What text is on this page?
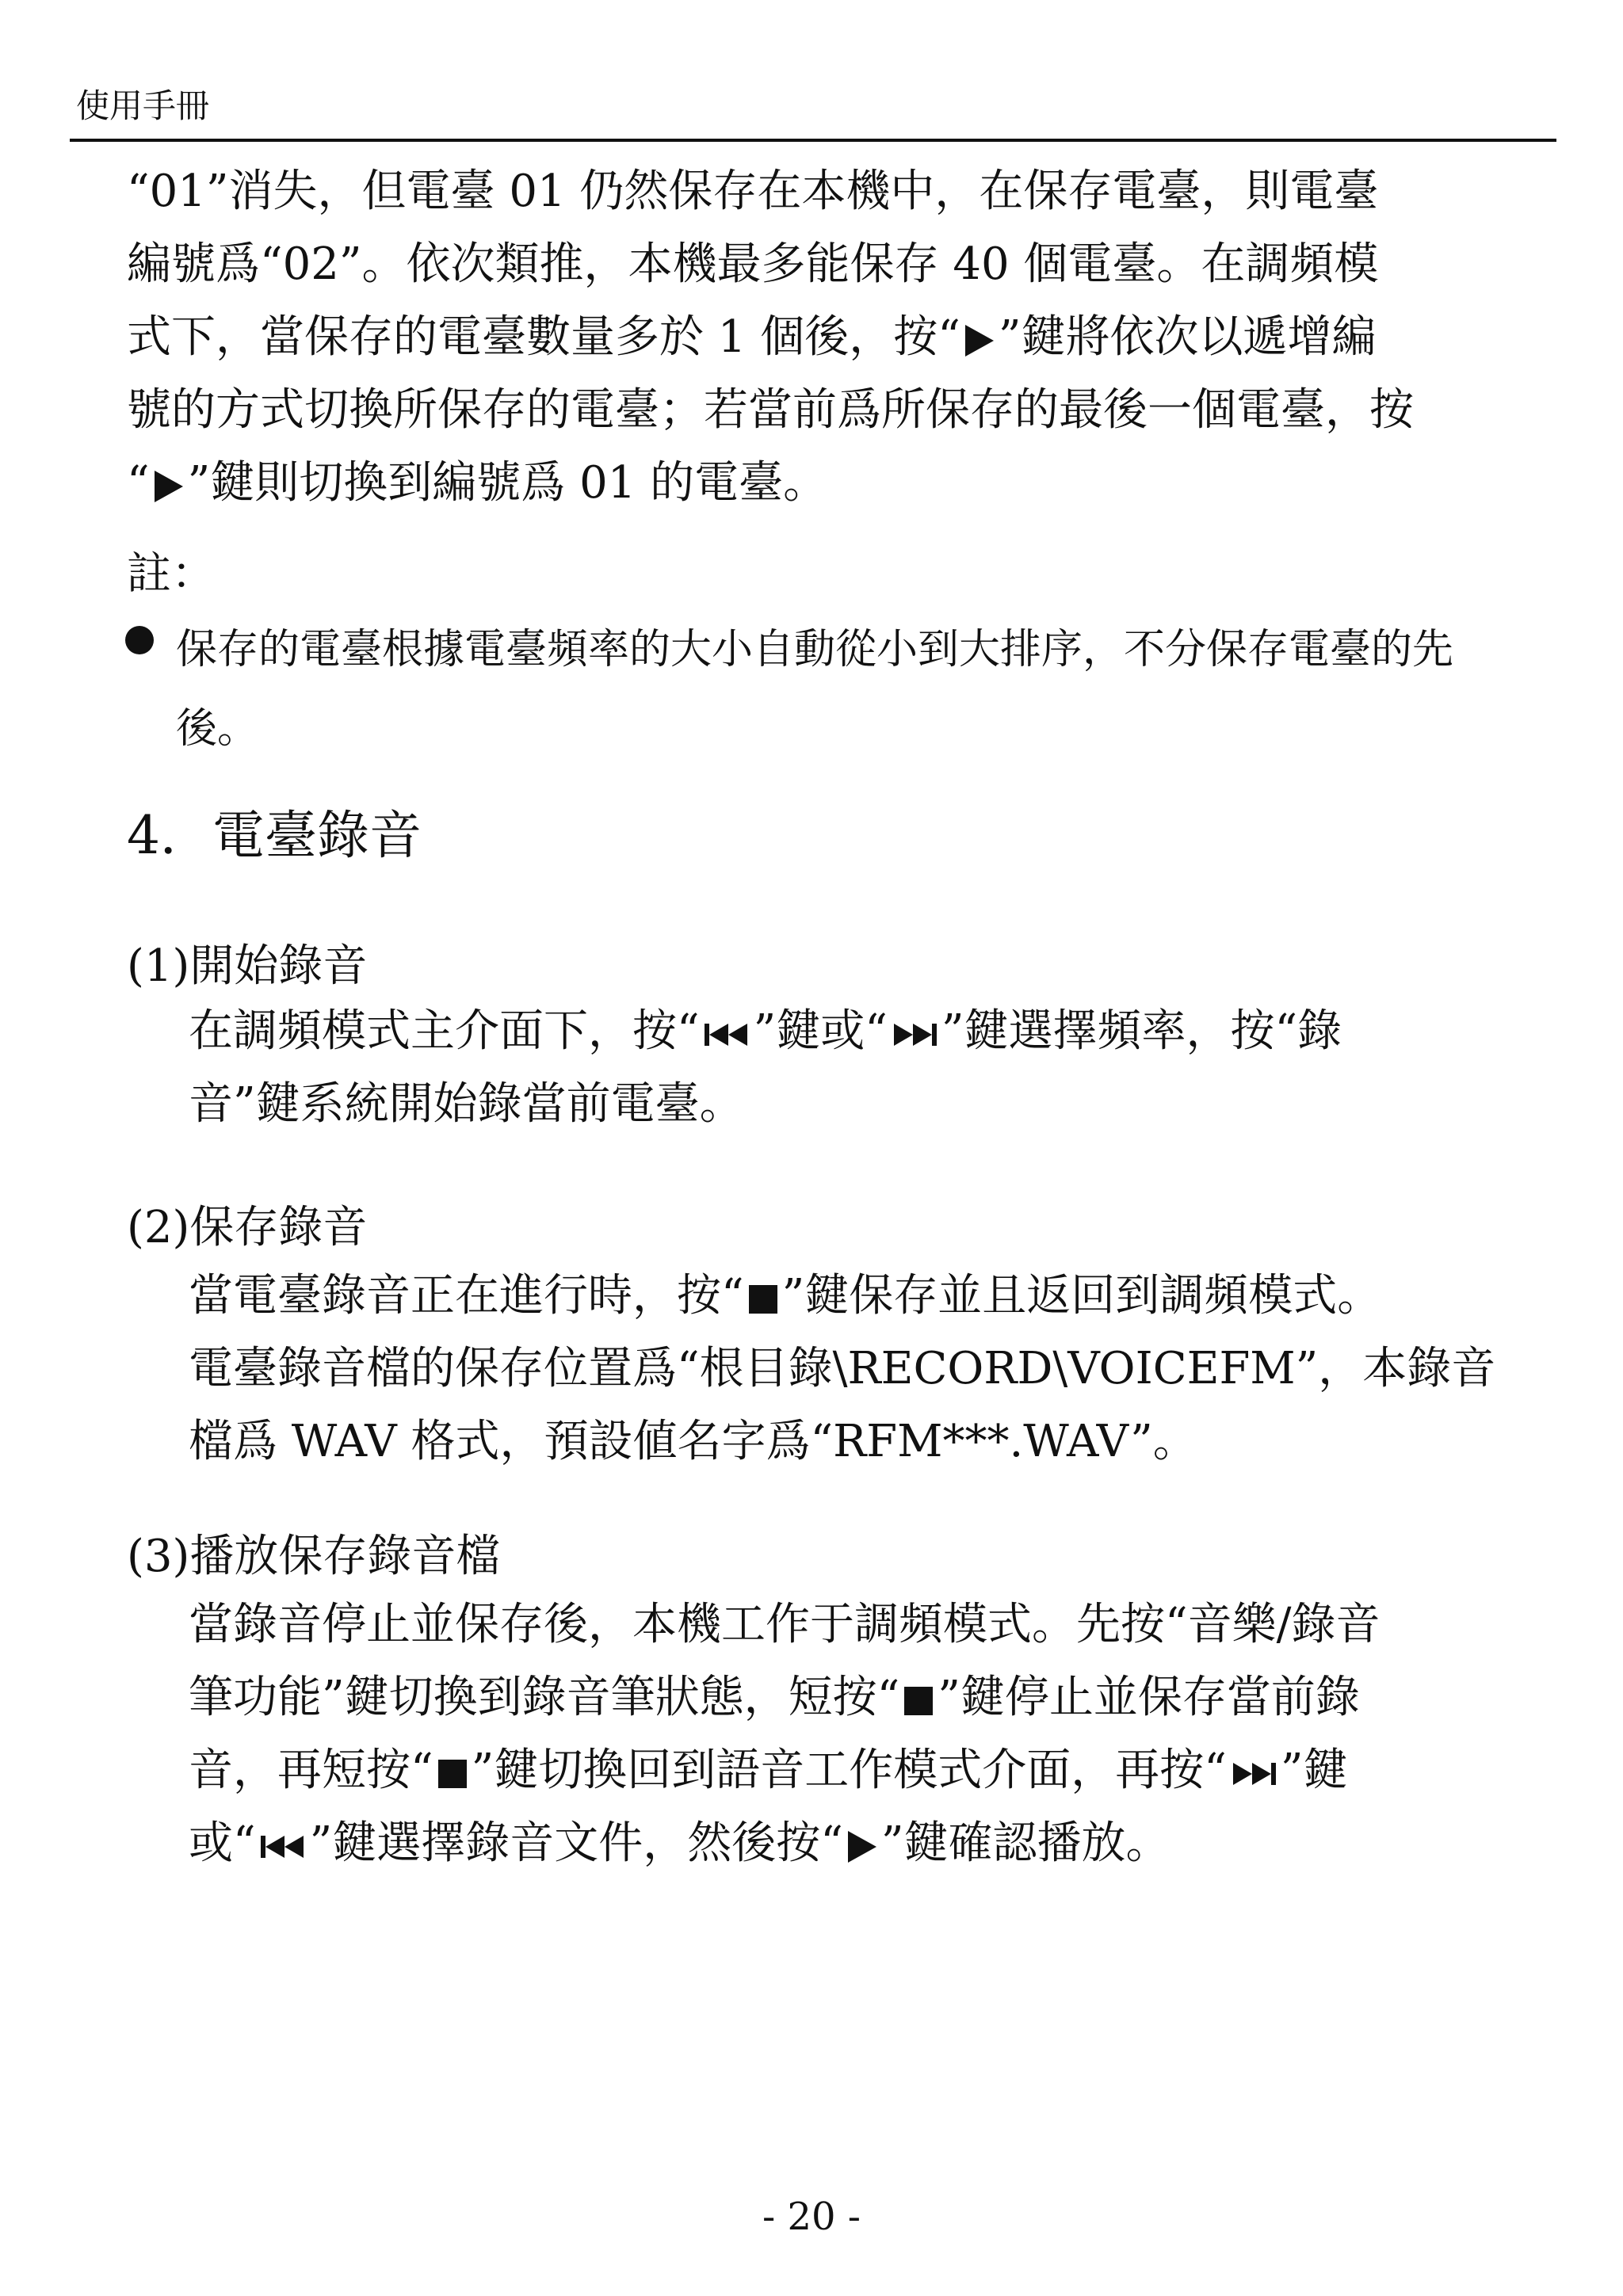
使用手冊
“01”消失，但電臺 01 仍然保存在本機中，在保存電臺，則電臺
編號爲“02”。依次類推，本機最多能保存 40 個電臺。在調頻模
式下，當保存的電臺數量多於 1 個後，按“ ”鍵將依次以遞增編
號的方式切換所保存的電臺；若當前爲所保存的最後一個電臺，按
“ ”鍵則切換到編號爲 01 的電臺。
註：
保存的電臺根據電臺頻率的大小自動從小到大排序，不分保存電臺的先
後。
4．電臺錄音
(1)開始錄音
在調頻模式主介面下，按“ ”鍵或“ ”鍵選擇頻率，按“錄
音”鍵系統開始錄當前電臺。
(2)保存錄音
當電臺錄音正在進行時，按“ ”鍵保存並且返回到調頻模式。
電臺錄音檔的保存位置爲“根目錄\RECORD\VOICEFM”，本錄音
檔爲 WAV 格式，預設値名字爲“RFM***.WAV”。
(3)播放保存錄音檔
當錄音停止並保存後，本機工作于調頻模式。先按“音樂/錄音
筆功能”鍵切換到錄音筆狀態，短按“ ”鍵停止並保存當前錄
音，再短按“ ”鍵切換回到語音工作模式介面，再按“ ”鍵
或“ ”鍵選擇錄音文件，然後按“ ”鍵確認播放。
- 20 -
